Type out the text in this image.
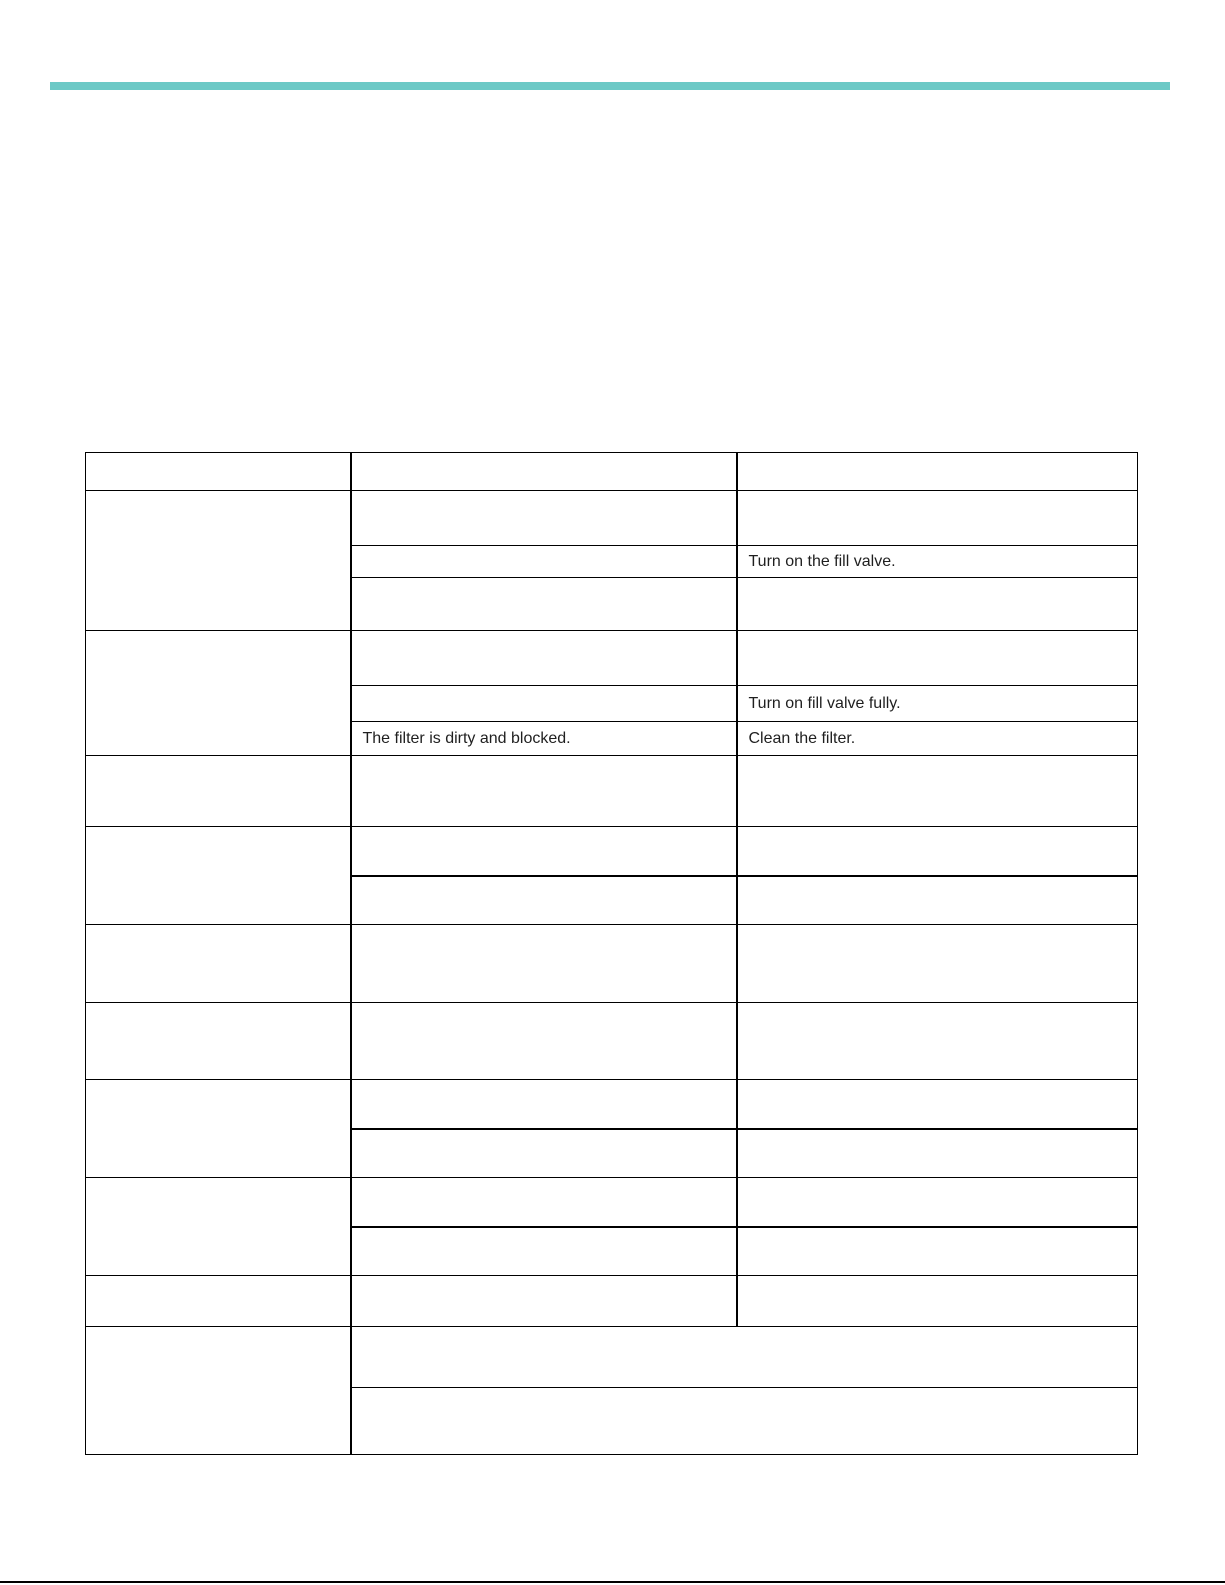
		Turn on the fill valve.

		Turn on fill valve fully.
	The filter is dirty and blocked.	Clean the filter.
